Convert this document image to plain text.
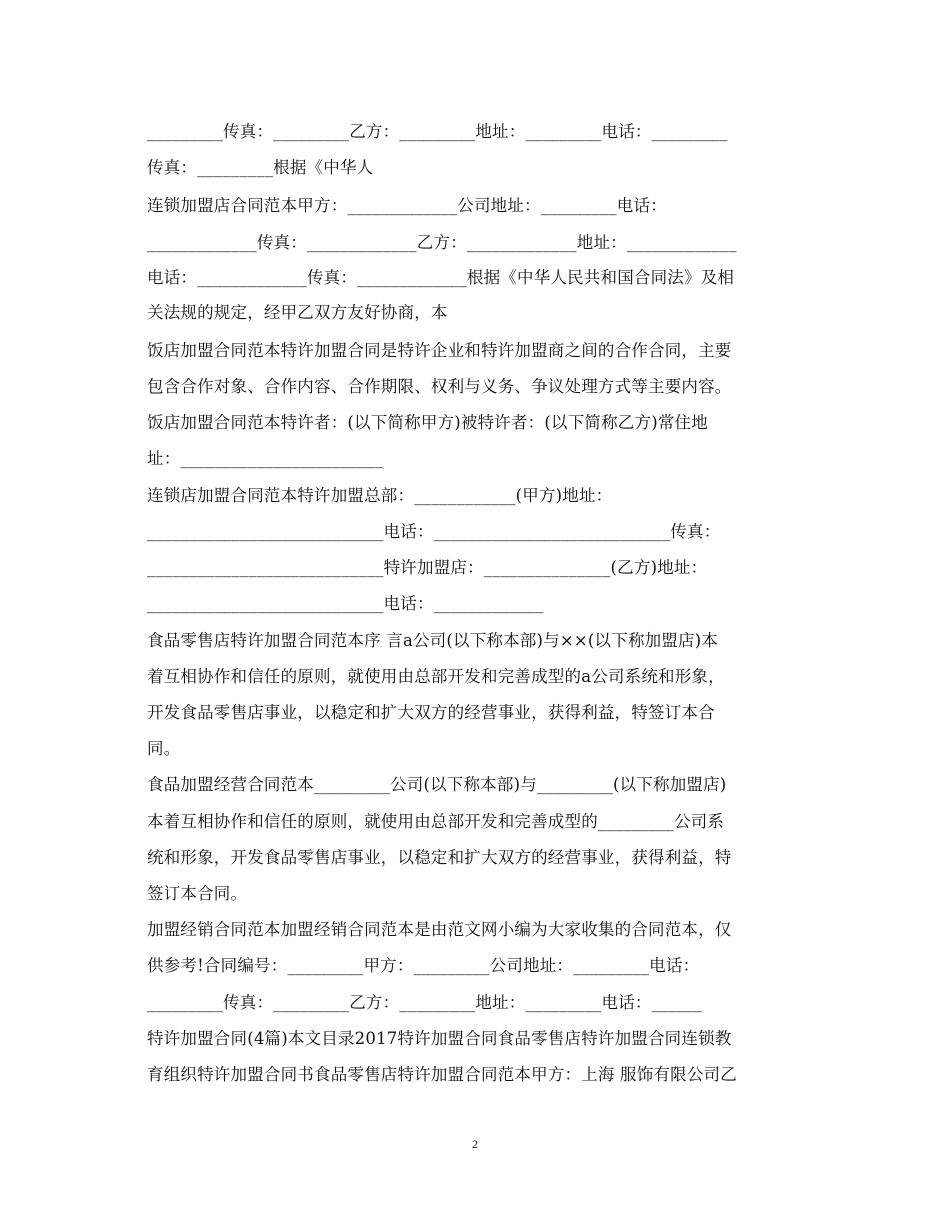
_________传真：_________乙方：_________地址：_________电话：_________
传真：_________根据《中华人
连锁加盟店合同范本甲方：_____________公司地址：_________电话：
_____________传真：_____________乙方：_____________地址：_____________
电话：_____________传真：_____________根据《中华人民共和国合同法》及相
关法规的规定，经甲乙双方友好协商，本
饭店加盟合同范本特许加盟合同是特许企业和特许加盟商之间的合作合同，主要
包含合作对象、合作内容、合作期限、权利与义务、争议处理方式等主要内容。
饭店加盟合同范本特许者：(以下简称甲方)被特许者：(以下简称乙方)常住地
址：________________________
连锁店加盟合同范本特许加盟总部：____________(甲方)地址：
____________________________电话：____________________________传真：
____________________________特许加盟店：_______________(乙方)地址：
____________________________电话：_____________
食品零售店特许加盟合同范本序 言a公司(以下称本部)与××(以下称加盟店)本
着互相协作和信任的原则，就使用由总部开发和完善成型的a公司系统和形象，
开发食品零售店事业，以稳定和扩大双方的经营事业，获得利益，特签订本合
同。
食品加盟经营合同范本_________公司(以下称本部)与_________(以下称加盟店)
本着互相协作和信任的原则，就使用由总部开发和完善成型的_________公司系
统和形象，开发食品零售店事业，以稳定和扩大双方的经营事业，获得利益，特
签订本合同。
加盟经销合同范本加盟经销合同范本是由范文网小编为大家收集的合同范本，仅
供参考!合同编号：_________甲方：_________公司地址：_________电话：
_________传真：_________乙方：_________地址：_________电话：______
特许加盟合同(4篇)本文目录2017特许加盟合同食品零售店特许加盟合同连锁教
育组织特许加盟合同书食品零售店特许加盟合同范本甲方：上海 服饰有限公司乙
2
